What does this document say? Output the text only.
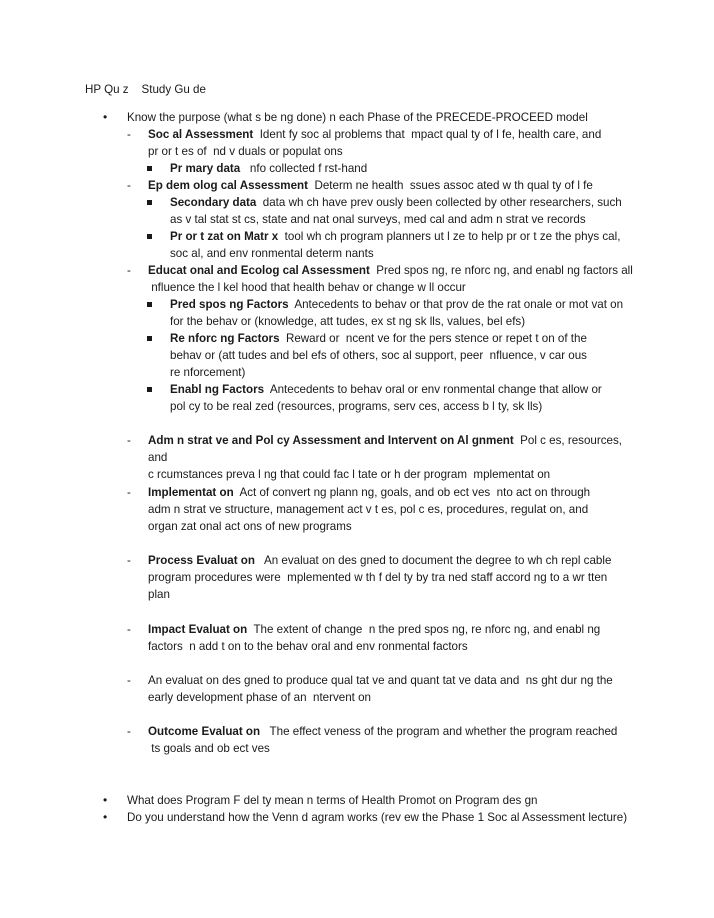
HP Qu z    Study Gu de
• Know the purpose (what s be ng done) n each Phase of the PRECEDE-PROCEED model
- Soc al Assessment  Ident fy soc al problems that  mpact qual ty of l fe, health care, and
pr or t es of  nd v duals or populat ons
Pr mary data   nfo collected f rst-hand
- Ep dem olog cal Assessment  Determ ne health  ssues assoc ated w th qual ty of l fe
Secondary data  data wh ch have prev ously been collected by other researchers, such
as v tal stat st cs, state and nat onal surveys, med cal and adm n strat ve records
Pr or t zat on Matr x  tool wh ch program planners ut l ze to help pr or t ze the phys cal,
soc al, and env ronmental determ nants
- Educat onal and Ecolog cal Assessment  Pred spos ng, re nforc ng, and enabl ng factors all
nfluence the l kel hood that health behav or change w ll occur
Pred spos ng Factors  Antecedents to behav or that prov de the rat onale or mot vat on
for the behav or (knowledge, att tudes, ex st ng sk lls, values, bel efs)
Re nforc ng Factors  Reward or  ncent ve for the pers stence or repet t on of the
behav or (att tudes and bel efs of others, soc al support, peer  nfluence, v car ous
re nforcement)
Enabl ng Factors  Antecedents to behav oral or env ronmental change that allow or
pol cy to be real zed (resources, programs, serv ces, access b l ty, sk lls)
- Adm n strat ve and Pol cy Assessment and Intervent on Al gnment  Pol c es, resources, and
c rcumstances preva l ng that could fac l tate or h der program  mplementat on
- Implementat on  Act of convert ng plann ng, goals, and ob ect ves  nto act on through
adm n strat ve structure, management act v t es, pol c es, procedures, regulat on, and
organ zat onal act ons of new programs
- Process Evaluat on   An evaluat on des gned to document the degree to wh ch repl cable
program procedures were  mplemented w th f del ty by tra ned staff accord ng to a wr tten
plan
- Impact Evaluat on  The extent of change  n the pred spos ng, re nforc ng, and enabl ng
factors  n add t on to the behav oral and env ronmental factors
- An evaluat on des gned to produce qual tat ve and quant tat ve data and  ns ght dur ng the
early development phase of an  ntervent on
- Outcome Evaluat on   The effect veness of the program and whether the program reached
ts goals and ob ect ves
• What does Program F del ty mean n terms of Health Promot on Program des gn
• Do you understand how the Venn d agram works (rev ew the Phase 1 Soc al Assessment lecture)
